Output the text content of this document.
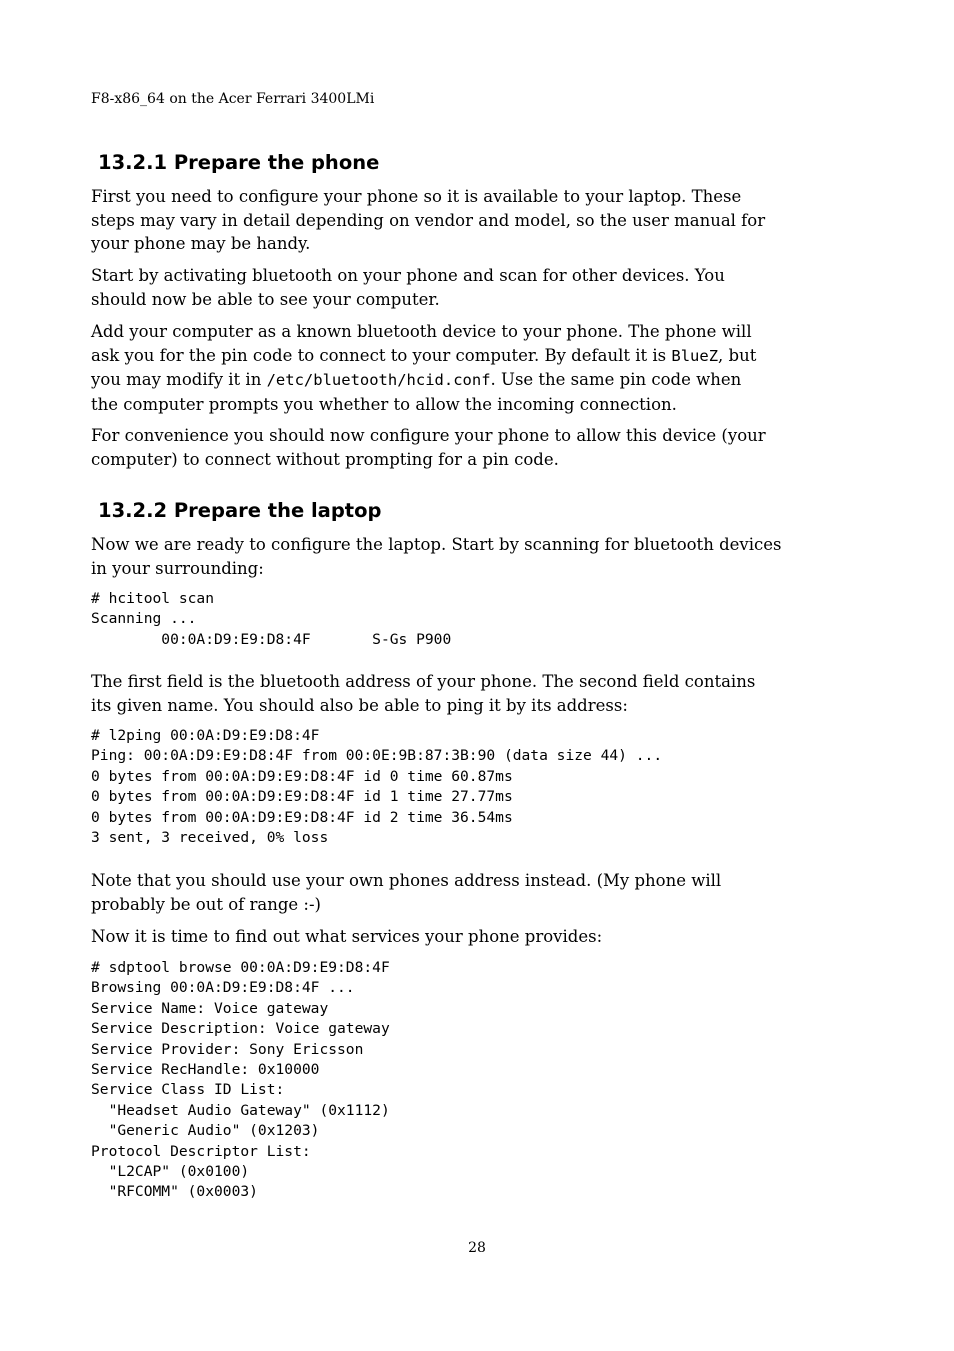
F8-x86_64 on the Acer Ferrari 3400LMi
13.2.1 Prepare the phone

First you need to configure your phone so it is available to your laptop. These
steps may vary in detail depending on vendor and model, so the user manual for
your phone may be handy.

Start by activating bluetooth on your phone and scan for other devices. You
should now be able to see your computer.

Add your computer as a known bluetooth device to your phone. The phone will
ask you for the pin code to connect to your computer. By default it is BlueZ, but
you may modify it in /etc/bluetooth/hcid.conf. Use the same pin code when
the computer prompts you whether to allow the incoming connection.

For convenience you should now configure your phone to allow this device (your
computer) to connect without prompting for a pin code.

13.2.2 Prepare the laptop

Now we are ready to configure the laptop. Start by scanning for bluetooth devices
in your surrounding:

# hcitool scan
Scanning ...
00:0A:D9:E9:D8:4F       S-Gs P900

The first field is the bluetooth address of your phone. The second field contains
its given name. You should also be able to ping it by its address:

# l2ping 00:0A:D9:E9:D8:4F
Ping: 00:0A:D9:E9:D8:4F from 00:0E:9B:87:3B:90 (data size 44) ...
0 bytes from 00:0A:D9:E9:D8:4F id 0 time 60.87ms
0 bytes from 00:0A:D9:E9:D8:4F id 1 time 27.77ms
0 bytes from 00:0A:D9:E9:D8:4F id 2 time 36.54ms
3 sent, 3 received, 0% loss

Note that you should use your own phones address instead. (My phone will
probably be out of range :-)

Now it is time to find out what services your phone provides:

# sdptool browse 00:0A:D9:E9:D8:4F
Browsing 00:0A:D9:E9:D8:4F ...
Service Name: Voice gateway
Service Description: Voice gateway
Service Provider: Sony Ericsson
Service RecHandle: 0x10000
Service Class ID List:
"Headset Audio Gateway" (0x1112)
"Generic Audio" (0x1203)
Protocol Descriptor List:
"L2CAP" (0x0100)
"RFCOMM" (0x0003)
28
